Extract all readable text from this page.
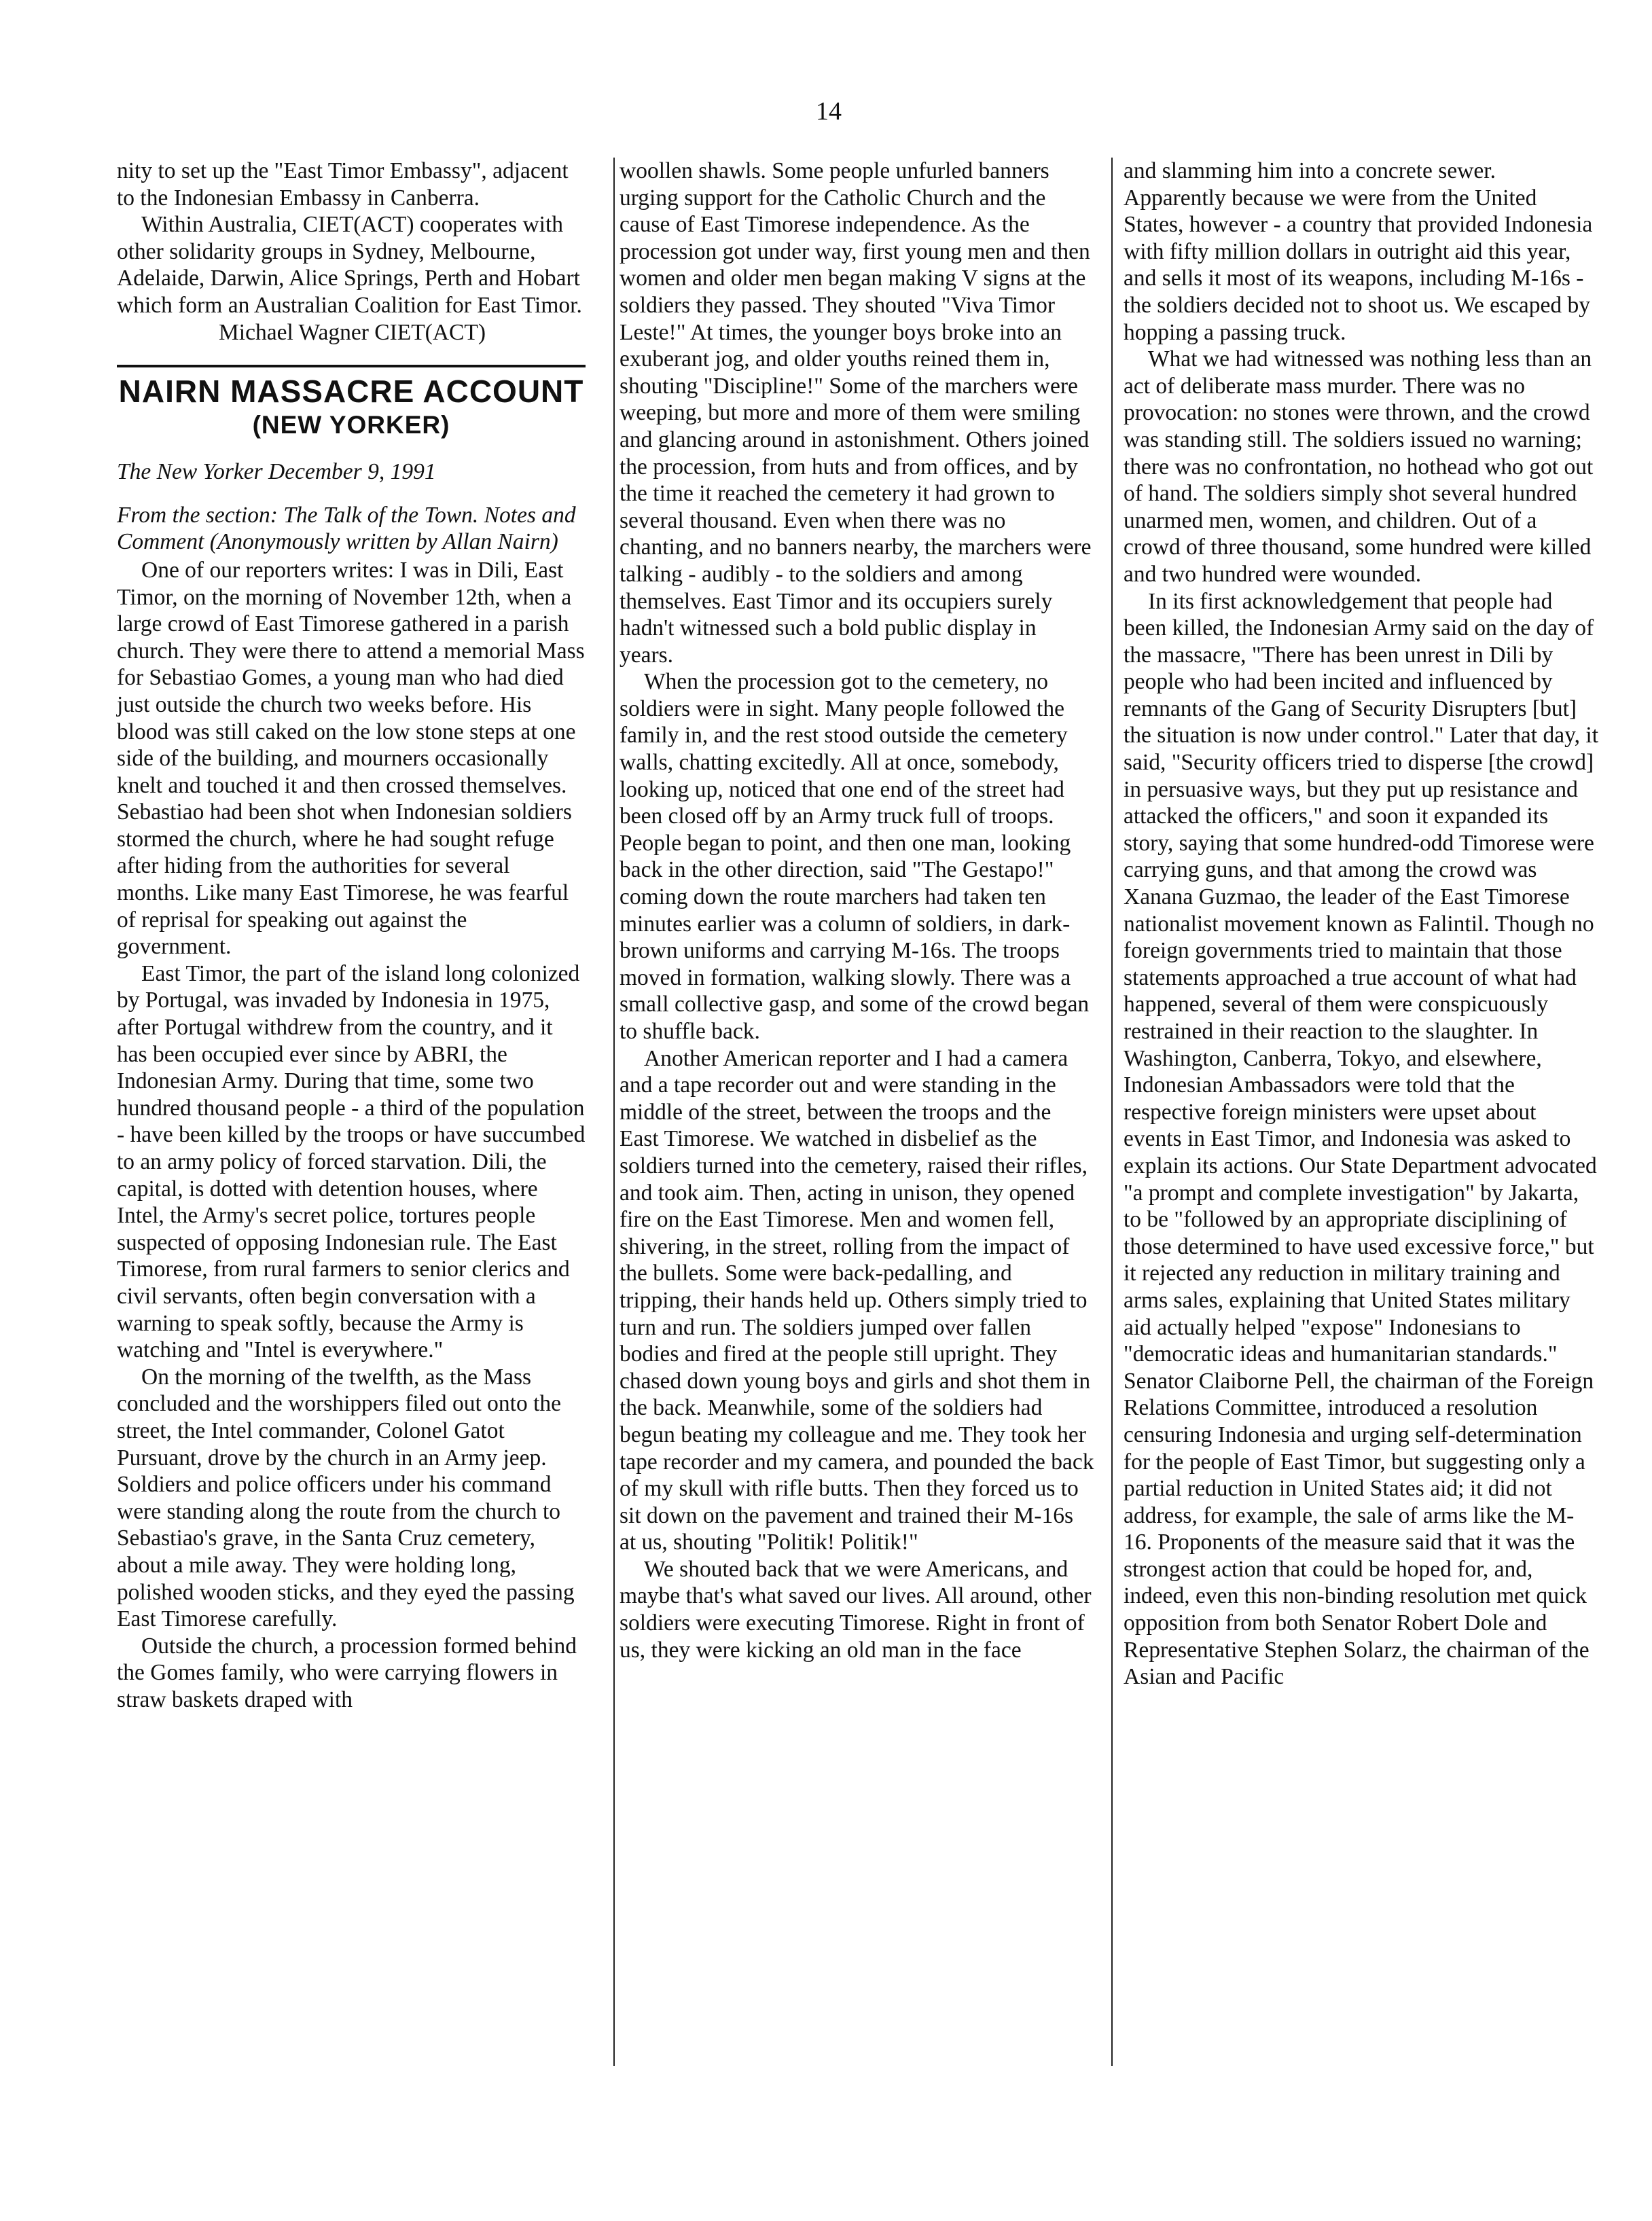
14

nity to set up the "East Timor Embassy", adjacent to the Indonesian Embassy in Canberra.

Within Australia, CIET(ACT) cooperates with other solidarity groups in Sydney, Melbourne, Adelaide, Darwin, Alice Springs, Perth and Hobart which form an Australian Coalition for East Timor.

Michael Wagner CIET(ACT)

NAIRN MASSACRE ACCOUNT
(NEW YORKER)

The New Yorker December 9, 1991

From the section: The Talk of the Town. Notes and Comment (Anonymously written by Allan Nairn)

One of our reporters writes: I was in Dili, East Timor, on the morning of November 12th, when a large crowd of East Timorese gathered in a parish church. They were there to attend a memorial Mass for Sebastiao Gomes, a young man who had died just outside the church two weeks before. His blood was still caked on the low stone steps at one side of the building, and mourners occasionally knelt and touched it and then crossed themselves. Sebastiao had been shot when Indonesian soldiers stormed the church, where he had sought refuge after hiding from the authorities for several months. Like many East Timorese, he was fearful of reprisal for speaking out against the government.

East Timor, the part of the island long colonized by Portugal, was invaded by Indonesia in 1975, after Portugal withdrew from the country, and it has been occupied ever since by ABRI, the Indonesian Army. During that time, some two hundred thousand people - a third of the population - have been killed by the troops or have succumbed to an army policy of forced starvation. Dili, the capital, is dotted with detention houses, where Intel, the Army's secret police, tortures people suspected of opposing Indonesian rule. The East Timorese, from rural farmers to senior clerics and civil servants, often begin conversation with a warning to speak softly, because the Army is watching and "Intel is everywhere."

On the morning of the twelfth, as the Mass concluded and the worshippers filed out onto the street, the Intel commander, Colonel Gatot Pursuant, drove by the church in an Army jeep. Soldiers and police officers under his command were standing along the route from the church to Sebastiao's grave, in the Santa Cruz cemetery, about a mile away. They were holding long, polished wooden sticks, and they eyed the passing East Timorese carefully.

Outside the church, a procession formed behind the Gomes family, who were carrying flowers in straw baskets draped with

woollen shawls. Some people unfurled banners urging support for the Catholic Church and the cause of East Timorese independence. As the procession got under way, first young men and then women and older men began making V signs at the soldiers they passed. They shouted "Viva Timor Leste!" At times, the younger boys broke into an exuberant jog, and older youths reined them in, shouting "Discipline!" Some of the marchers were weeping, but more and more of them were smiling and glancing around in astonishment. Others joined the procession, from huts and from offices, and by the time it reached the cemetery it had grown to several thousand. Even when there was no chanting, and no banners nearby, the marchers were talking - audibly - to the soldiers and among themselves. East Timor and its occupiers surely hadn't witnessed such a bold public display in years.

When the procession got to the cemetery, no soldiers were in sight. Many people followed the family in, and the rest stood outside the cemetery walls, chatting excitedly. All at once, somebody, looking up, noticed that one end of the street had been closed off by an Army truck full of troops. People began to point, and then one man, looking back in the other direction, said "The Gestapo!" coming down the route marchers had taken ten minutes earlier was a column of soldiers, in dark-brown uniforms and carrying M-16s. The troops moved in formation, walking slowly. There was a small collective gasp, and some of the crowd began to shuffle back.

Another American reporter and I had a camera and a tape recorder out and were standing in the middle of the street, between the troops and the East Timorese. We watched in disbelief as the soldiers turned into the cemetery, raised their rifles, and took aim. Then, acting in unison, they opened fire on the East Timorese. Men and women fell, shivering, in the street, rolling from the impact of the bullets. Some were back-pedalling, and tripping, their hands held up. Others simply tried to turn and run. The soldiers jumped over fallen bodies and fired at the people still upright. They chased down young boys and girls and shot them in the back. Meanwhile, some of the soldiers had begun beating my colleague and me. They took her tape recorder and my camera, and pounded the back of my skull with rifle butts. Then they forced us to sit down on the pavement and trained their M-16s at us, shouting "Politik! Politik!"

We shouted back that we were Americans, and maybe that's what saved our lives. All around, other soldiers were executing Timorese. Right in front of us, they were kicking an old man in the face

and slamming him into a concrete sewer. Apparently because we were from the United States, however - a country that provided Indonesia with fifty million dollars in outright aid this year, and sells it most of its weapons, including M-16s - the soldiers decided not to shoot us. We escaped by hopping a passing truck.

What we had witnessed was nothing less than an act of deliberate mass murder. There was no provocation: no stones were thrown, and the crowd was standing still. The soldiers issued no warning; there was no confrontation, no hothead who got out of hand. The soldiers simply shot several hundred unarmed men, women, and children. Out of a crowd of three thousand, some hundred were killed and two hundred were wounded.

In its first acknowledgement that people had been killed, the Indonesian Army said on the day of the massacre, "There has been unrest in Dili by people who had been incited and influenced by remnants of the Gang of Security Disrupters [but] the situation is now under control." Later that day, it said, "Security officers tried to disperse [the crowd] in persuasive ways, but they put up resistance and attacked the officers," and soon it expanded its story, saying that some hundred-odd Timorese were carrying guns, and that among the crowd was Xanana Guzmao, the leader of the East Timorese nationalist movement known as Falintil. Though no foreign governments tried to maintain that those statements approached a true account of what had happened, several of them were conspicuously restrained in their reaction to the slaughter. In Washington, Canberra, Tokyo, and elsewhere, Indonesian Ambassadors were told that the respective foreign ministers were upset about events in East Timor, and Indonesia was asked to explain its actions. Our State Department advocated "a prompt and complete investigation" by Jakarta, to be "followed by an appropriate disciplining of those determined to have used excessive force," but it rejected any reduction in military training and arms sales, explaining that United States military aid actually helped "expose" Indonesians to "democratic ideas and humanitarian standards." Senator Claiborne Pell, the chairman of the Foreign Relations Committee, introduced a resolution censuring Indonesia and urging self-determination for the people of East Timor, but suggesting only a partial reduction in United States aid; it did not address, for example, the sale of arms like the M-16. Proponents of the measure said that it was the strongest action that could be hoped for, and, indeed, even this non-binding resolution met quick opposition from both Senator Robert Dole and Representative Stephen Solarz, the chairman of the Asian and Pacific
